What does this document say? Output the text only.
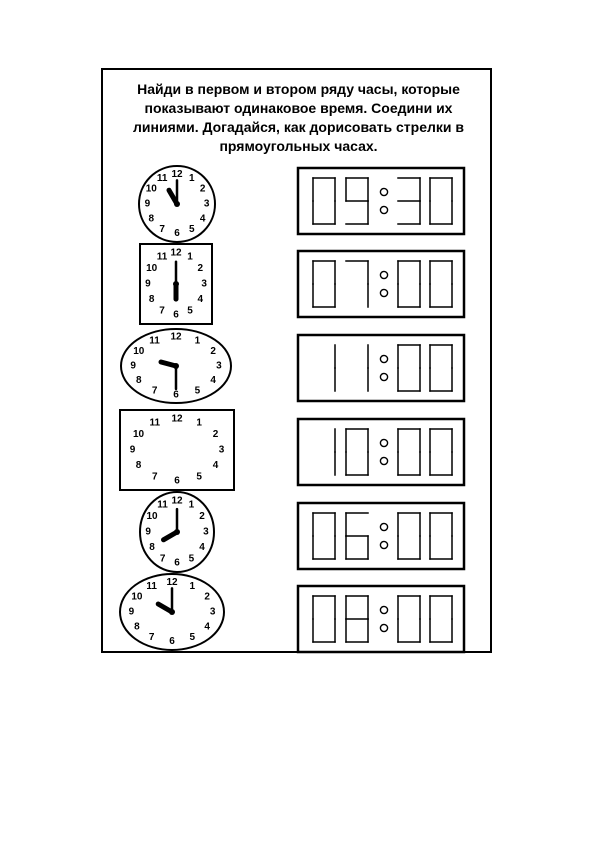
Найди в первом и втором ряду часы, которые
показывают одинаковое время. Соедини их
линиями. Догадайся, как дорисовать стрелки в
прямоугольных часах.

12 1
2
3
4
5
6
7
8
9
10
11
12 1
2
3
4
5
6
7
8
9
10
11
12 1
2
3
4
5
6
7
8
9
10
11
12 1
2
3
4
5
6
7
8
9
10
11
12 1
2
3
4
5
6
7
8
9
10
11
12 1
2
3
4
5
6
7
8
9
10
11
